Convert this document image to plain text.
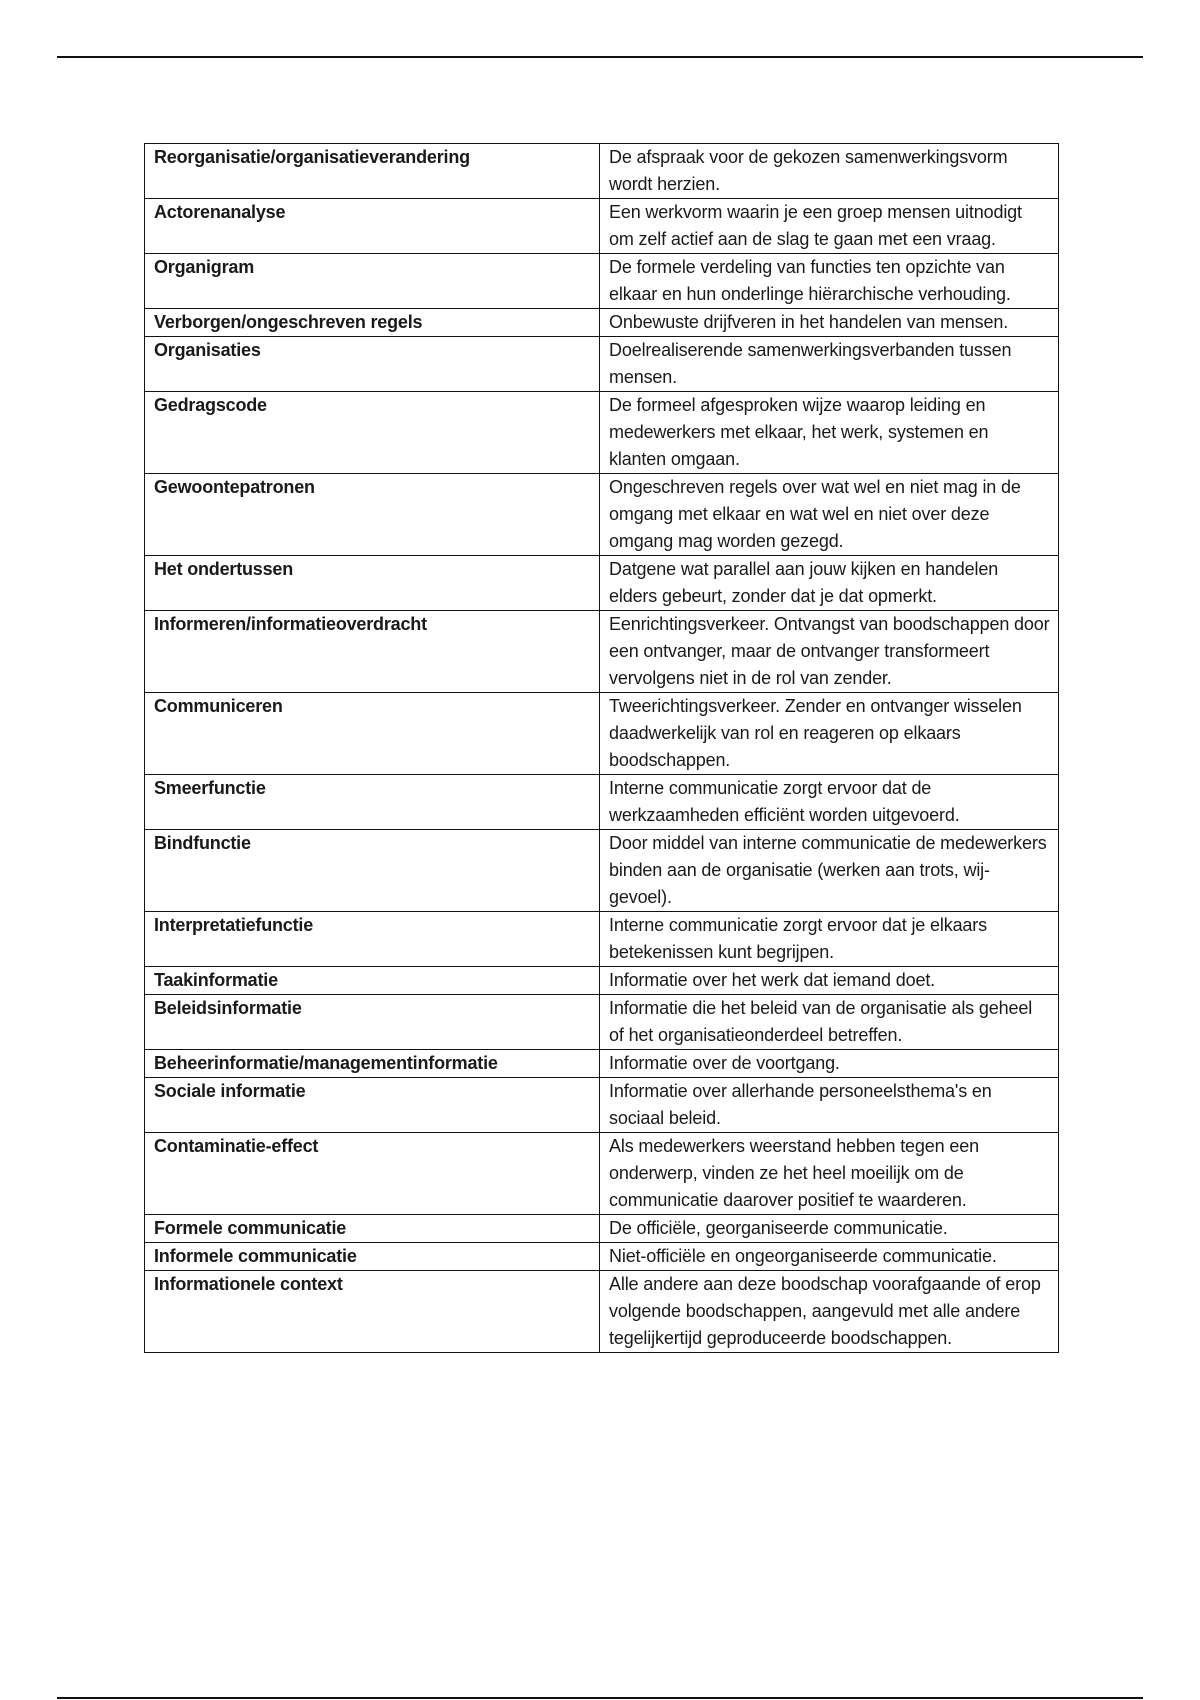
Reorganisatie/organisatieverandering	De afspraak voor de gekozen samenwerkingsvorm wordt herzien.
Actorenanalyse	Een werkvorm waarin je een groep mensen uitnodigt om zelf actief aan de slag te gaan met een vraag.
Organigram	De formele verdeling van functies ten opzichte van elkaar en hun onderlinge hiërarchische verhouding.
Verborgen/ongeschreven regels	Onbewuste drijfveren in het handelen van mensen.
Organisaties	Doelrealiserende samenwerkingsverbanden tussen mensen.
Gedragscode	De formeel afgesproken wijze waarop leiding en medewerkers met elkaar, het werk, systemen en klanten omgaan.
Gewoontepatronen	Ongeschreven regels over wat wel en niet mag in de omgang met elkaar en wat wel en niet over deze omgang mag worden gezegd.
Het ondertussen	Datgene wat parallel aan jouw kijken en handelen elders gebeurt, zonder dat je dat opmerkt.
Informeren/informatieoverdracht	Eenrichtingsverkeer. Ontvangst van boodschappen door een ontvanger, maar de ontvanger transformeert vervolgens niet in de rol van zender.
Communiceren	Tweerichtingsverkeer. Zender en ontvanger wisselen daadwerkelijk van rol en reageren op elkaars boodschappen.
Smeerfunctie	Interne communicatie zorgt ervoor dat de werkzaamheden efficiënt worden uitgevoerd.
Bindfunctie	Door middel van interne communicatie de medewerkers binden aan de organisatie (werken aan trots, wij-gevoel).
Interpretatiefunctie	Interne communicatie zorgt ervoor dat je elkaars betekenissen kunt begrijpen.
Taakinformatie	Informatie over het werk dat iemand doet.
Beleidsinformatie	Informatie die het beleid van de organisatie als geheel of het organisatieonderdeel betreffen.
Beheerinformatie/managementinformatie	Informatie over de voortgang.
Sociale informatie	Informatie over allerhande personeelsthema's en sociaal beleid.
Contaminatie-effect	Als medewerkers weerstand hebben tegen een onderwerp, vinden ze het heel moeilijk om de communicatie daarover positief te waarderen.
Formele communicatie	De officiële, georganiseerde communicatie.
Informele communicatie	Niet-officiële en ongeorganiseerde communicatie.
Informationele context	Alle andere aan deze boodschap voorafgaande of erop volgende boodschappen, aangevuld met alle andere tegelijkertijd geproduceerde boodschappen.
